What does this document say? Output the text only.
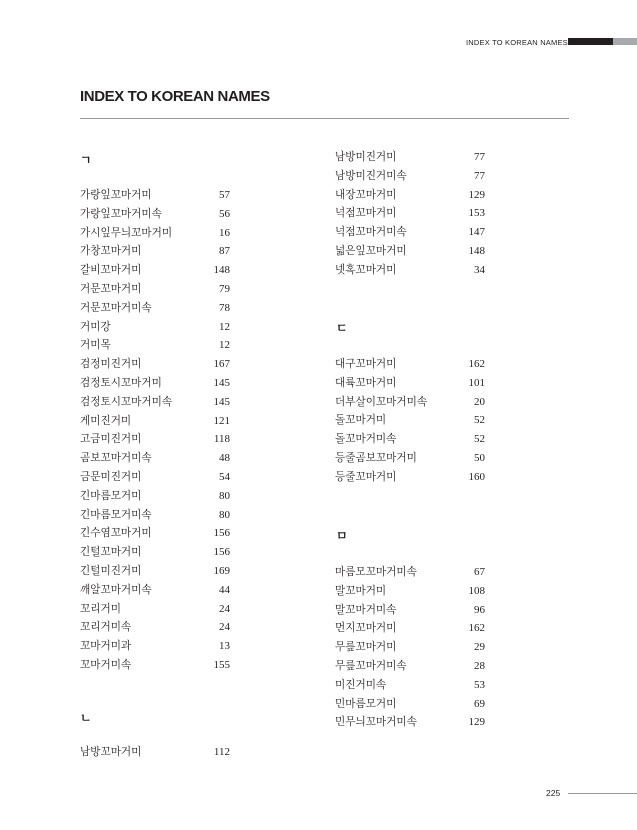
INDEX TO KOREAN NAMES
INDEX TO KOREAN NAMES
ㄱ
ㄴ
ㄷ
ㅁ
가랑잎꼬마거미	57
가랑잎꼬마거미속	56
가시잎무늬꼬마거미	16
가창꼬마거미	87
갈비꼬마거미	148
거문꼬마거미	79
거문꼬마거미속	78
거미강	12
거미목	12
검정미진거미	167
검정토시꼬마거미	145
검정토시꼬마거미속	145
게미진거미	121
고금미진거미	118
곰보꼬마거미속	48
금문미진거미	54
긴마름모거미	80
긴마름모거미속	80
긴수염꼬마거미	156
긴털꼬마거미	156
긴털미진거미	169
깨알꼬마거미속	44
꼬리거미	24
꼬리거미속	24
꼬마거미과	13
꼬마거미속	155
남방꼬마거미	112
남방미진거미	77
남방미진거미속	77
내장꼬마거미	129
넉점꼬마거미	153
넉점꼬마거미속	147
넓은잎꼬마거미	148
넷혹꼬마거미	34
대구꼬마거미	162
대륙꼬마거미	101
더부살이꼬마거미속	20
돌꼬마거미	52
돌꼬마거미속	52
등줄곰보꼬마거미	50
등줄꼬마거미	160
마름모꼬마거미속	67
말꼬마거미	108
말꼬마거미속	96
먼지꼬마거미	162
무릎꼬마거미	29
무릎꼬마거미속	28
미진거미속	53
민마름모거미	69
민무늬꼬마거미속	129
225
